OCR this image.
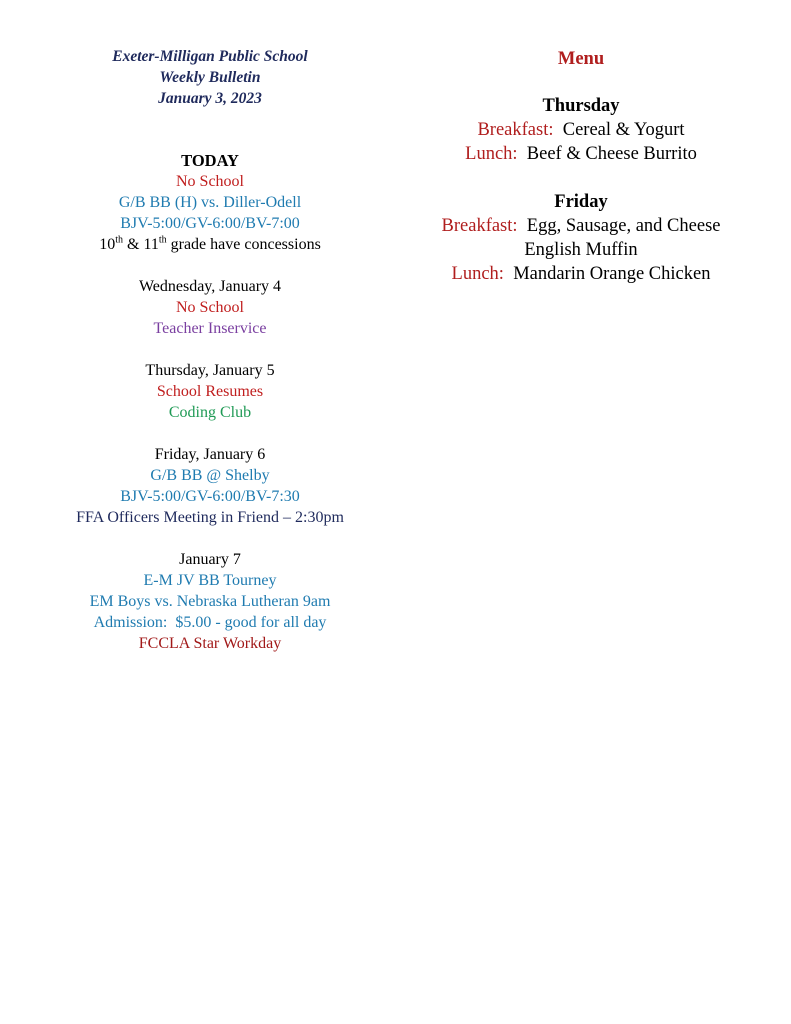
Exeter-Milligan Public School
Weekly Bulletin
January 3, 2023
TODAY
No School
G/B BB (H) vs. Diller-Odell
BJV-5:00/GV-6:00/BV-7:00
10th & 11th grade have concessions
Wednesday, January 4
No School
Teacher Inservice
Thursday, January 5
School Resumes
Coding Club
Friday, January 6
G/B BB @ Shelby
BJV-5:00/GV-6:00/BV-7:30
FFA Officers Meeting in Friend – 2:30pm
January 7
E-M JV BB Tourney
EM Boys vs. Nebraska Lutheran 9am
Admission:  $5.00 - good for all day
FCCLA Star Workday
Menu
Thursday
Breakfast: Cereal & Yogurt
Lunch: Beef & Cheese Burrito
Friday
Breakfast: Egg, Sausage, and Cheese
English Muffin
Lunch: Mandarin Orange Chicken
